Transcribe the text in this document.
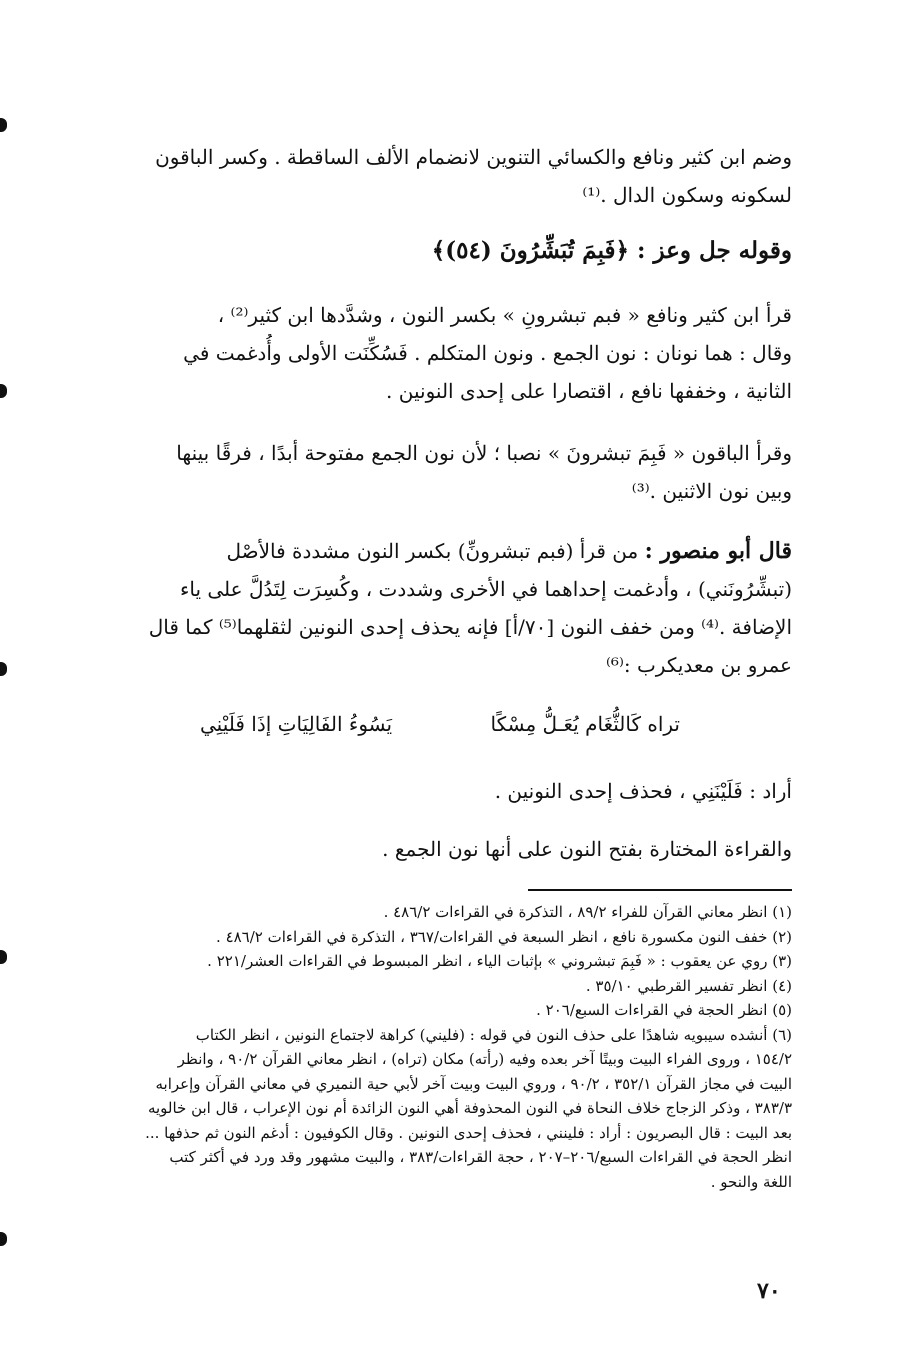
وضم ابن كثير ونافع والكسائي التنوين لانضمام الألف الساقطة . وكسر الباقون
لسكونه وسكون الدال .⁽¹⁾
وقوله جل وعز : ﴿فَبِمَ تُبَشِّرُونَ (٥٤)﴾
قرأ ابن كثير ونافع « فبم تبشرونِ » بكسر النون ، وشدَّدها ابن كثير⁽²⁾ ،
وقال : هما نونان : نون الجمع . ونون المتكلم . فَسُكِّنَت الأولى وأُدغمت في
الثانية ، وخففها نافع ، اقتصارا على إحدى النونين .
وقرأ الباقون « فَبِمَ تبشرونَ » نصبا ؛ لأن نون الجمع مفتوحة أبدًا ، فرقًا بينها
وبين نون الاثنين .⁽³⁾
قال أبو منصور : من قرأ (فبم تبشرونِّ) بكسر النون مشددة فالأصْل
(تبشِّرُونَني) ، وأدغمت إحداهما في الأخرى وشددت ، وكُسِرَت لِتَدُلَّ على ياء
الإضافة .⁽⁴⁾ ومن خفف النون [٧٠/أ] فإنه يحذف إحدى النونين لثقلهما⁽⁵⁾ كما قال
عمرو بن معديكرب :⁽⁶⁾
تراه كَالثُّغَام يُعَـلُّ مِسْكًا
يَسُوءُ الفَالِيَاتِ إذَا فَلَيْنِي
أراد : فَلَيْنَنِي ، فحذف إحدى النونين .
والقراءة المختارة بفتح النون على أنها نون الجمع .
(١) انظر معاني القرآن للفراء ٨٩/٢ ، التذكرة في القراءات ٤٨٦/٢ .
(٢) خفف النون مكسورة نافع ، انظر السبعة في القراءات/٣٦٧ ، التذكرة في القراءات ٤٨٦/٢ .
(٣) روي عن يعقوب : « فَبِمَ تبشروني » بإثبات الياء ، انظر المبسوط في القراءات العشر/٢٢١ .
(٤) انظر تفسير القرطبي ٣٥/١٠ .
(٥) انظر الحجة في القراءات السبع/٢٠٦ .
(٦) أنشده سيبويه شاهدًا على حذف النون في قوله : (فليني) كراهة لاجتماع النونين ، انظر الكتاب
١٥٤/٢ ، وروى الفراء البيت وبيتًا آخر بعده وفيه (رأته) مكان (تراه) ، انظر معاني القرآن ٩٠/٢ ، وانظر
البيت في مجاز القرآن ٣٥٢/١ ، ٩٠/٢ ، وروي البيت وبيت آخر لأبي حية النميري في معاني القرآن وإعرابه
٣٨٣/٣ ، وذكر الزجاج خلاف النحاة في النون المحذوفة أهي النون الزائدة أم نون الإعراب ، قال ابن خالويه
بعد البيت : قال البصريون : أراد : فلينني ، فحذف إحدى النونين . وقال الكوفيون : أدغم النون ثم حذفها ...
انظر الحجة في القراءات السبع/٢٠٦–٢٠٧ ، حجة القراءات/٣٨٣ ، والبيت مشهور وقد ورد في أكثر كتب
اللغة والنحو .
٧٠
